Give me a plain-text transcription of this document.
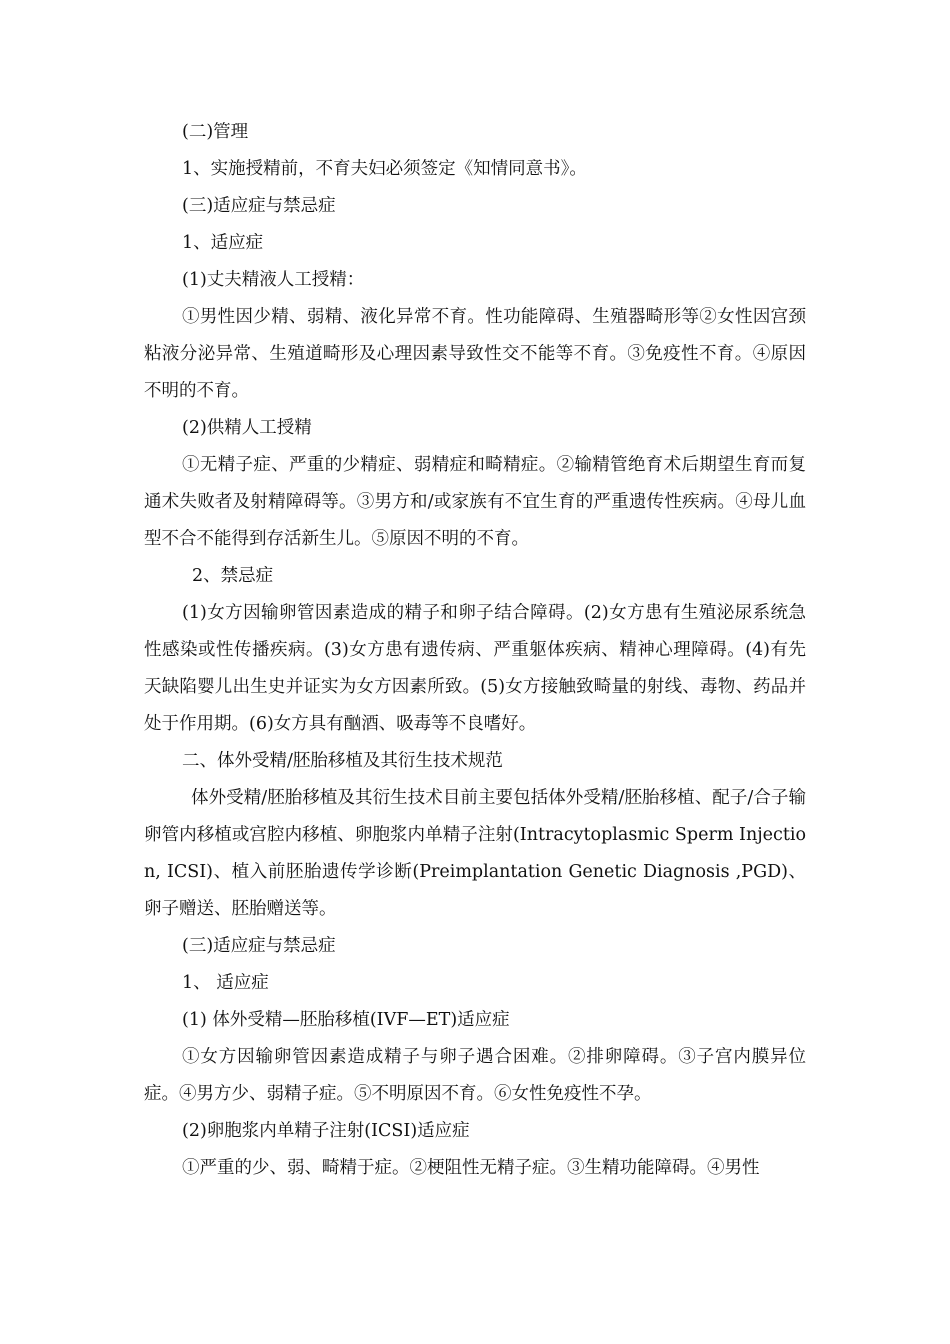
(二)管理

1、实施授精前，不育夫妇必须签定《知情同意书》。

(三)适应症与禁忌症

1、适应症

(1)丈夫精液人工授精：

①男性因少精、弱精、液化异常不育。性功能障碍、生殖器畸形等②女性因宫颈粘液分泌异常、生殖道畸形及心理因素导致性交不能等不育。③免疫性不育。④原因不明的不育。

(2)供精人工授精

①无精子症、严重的少精症、弱精症和畸精症。②输精管绝育术后期望生育而复通术失败者及射精障碍等。③男方和/或家族有不宜生育的严重遗传性疾病。④母儿血型不合不能得到存活新生儿。⑤原因不明的不育。

2、禁忌症

(1)女方因输卵管因素造成的精子和卵子结合障碍。(2)女方患有生殖泌尿系统急性感染或性传播疾病。(3)女方患有遗传病、严重躯体疾病、精神心理障碍。(4)有先天缺陷婴儿出生史并证实为女方因素所致。(5)女方接触致畸量的射线、毒物、药品并处于作用期。(6)女方具有酗酒、吸毒等不良嗜好。

二、体外受精/胚胎移植及其衍生技术规范

体外受精/胚胎移植及其衍生技术目前主要包括体外受精/胚胎移植、配子/合子输卵管内移植或宫腔内移植、卵胞浆内单精子注射(Intracytoplasmic Sperm Injection, ICSI)、植入前胚胎遗传学诊断(Preimplantation Genetic Diagnosis ,PGD)、卵子赠送、胚胎赠送等。

(三)适应症与禁忌症

1、 适应症

(1) 体外受精—胚胎移植(IVF—ET)适应症

①女方因输卵管因素造成精子与卵子遇合困难。②排卵障碍。③子宫内膜异位症。④男方少、弱精子症。⑤不明原因不育。⑥女性免疫性不孕。

(2)卵胞浆内单精子注射(ICSI)适应症

①严重的少、弱、畸精于症。②梗阻性无精子症。③生精功能障碍。④男性
